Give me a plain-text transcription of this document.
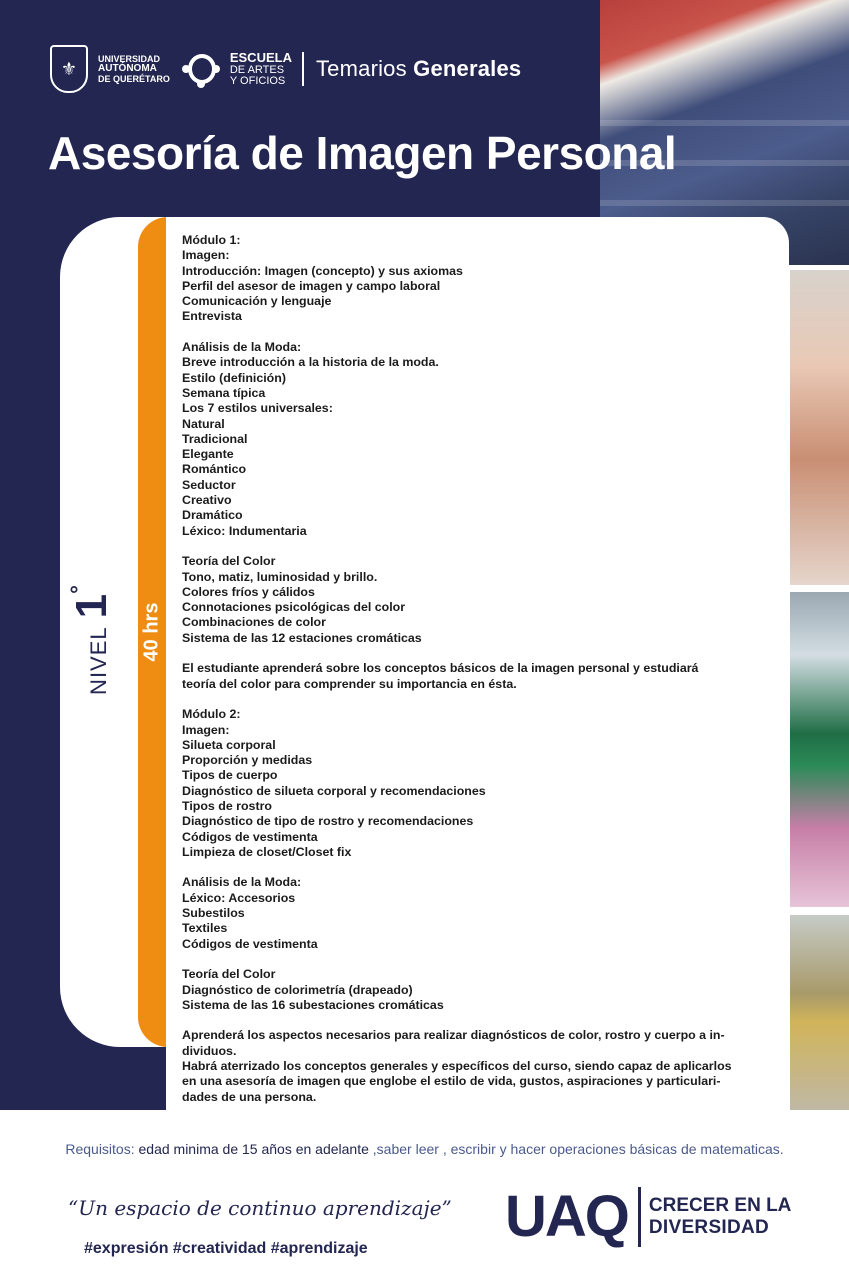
⚜	UNIVERSIDAD
AUTÓNOMA
DE QUERÉTARO
ESCUELA
DE ARTES
Y OFICIOS	Temarios Generales
Asesoría de Imagen Personal
NIVEL
1
°
40 hrs
Módulo 1:
Imagen:
Introducción: Imagen (concepto) y sus axiomas
Perfil del asesor de imagen y campo laboral
Comunicación y lenguaje
Entrevista
Análisis de la Moda:
Breve introducción a la historia de la moda.
Estilo (definición)
Semana típica
Los 7 estilos universales:
Natural
Tradicional
Elegante
Romántico
Seductor
Creativo
Dramático
Léxico: Indumentaria
Teoría del Color
Tono, matiz, luminosidad y brillo.
Colores fríos y cálidos
Connotaciones psicológicas del color
Combinaciones de color
Sistema de las 12 estaciones cromáticas
El estudiante aprenderá sobre los conceptos básicos de la imagen personal y estudiará
teoría del color para comprender su importancia en ésta.
Módulo 2:
Imagen:
Silueta corporal
Proporción y medidas
Tipos de cuerpo
Diagnóstico de silueta corporal y recomendaciones
Tipos de rostro
Diagnóstico de tipo de rostro y recomendaciones
Códigos de vestimenta
Limpieza de closet/Closet fix
Análisis de la Moda:
Léxico: Accesorios
Subestilos
Textiles
Códigos de vestimenta
Teoría del Color
Diagnóstico de colorimetría (drapeado)
Sistema de las 16 subestaciones cromáticas
Aprenderá los aspectos necesarios para realizar diagnósticos de color, rostro y cuerpo a in-
dividuos.
Habrá aterrizado los conceptos generales y específicos del curso, siendo capaz de aplicarlos
en una asesoría de imagen que englobe el estilo de vida, gustos, aspiraciones y particulari-
dades de una persona.
Requisitos: edad minima de 15 años en adelante ,saber leer , escribir y hacer operaciones básicas de matematicas.
“Un espacio de continuo aprendizaje”
#expresión #creatividad #aprendizaje UAQ CRECER EN LA
DIVERSIDAD
